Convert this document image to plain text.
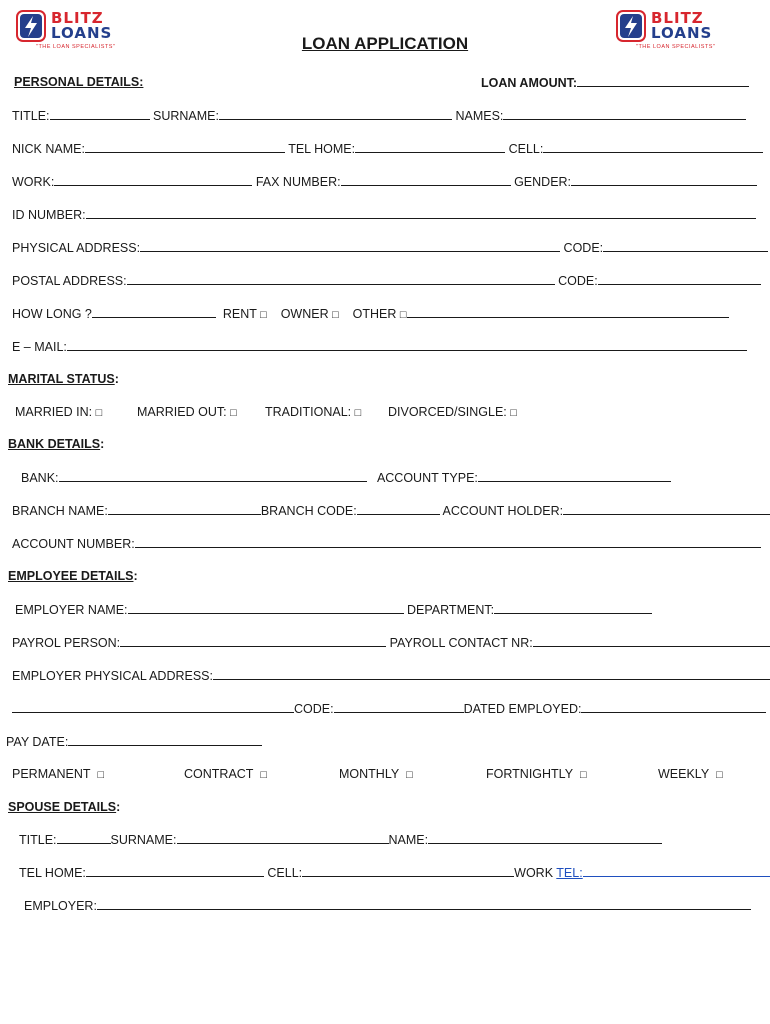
BLITZ
LOANS
"THE LOAN SPECIALISTS"
BLITZ
LOANS
"THE LOAN SPECIALISTS"
LOAN APPLICATION
PERSONAL DETAILS:	LOAN AMOUNT:
TITLE:	SURNAME:	NAMES:
NICK NAME:	TEL HOME:	CELL:
WORK:	FAX NUMBER:	GENDER:
ID NUMBER:
PHYSICAL ADDRESS:	CODE:
POSTAL ADDRESS:	CODE:
HOW LONG ?	RENT □ OWNER □ OTHER □
E – MAIL:
MARITAL STATUS:
MARRIED IN: □	MARRIED OUT: □ TRADITIONAL: □ DIVORCED/SINGLE: □
BANK DETAILS:
BANK:	ACCOUNT TYPE:
BRANCH NAME:	BRANCH CODE:	ACCOUNT HOLDER:
ACCOUNT NUMBER:
EMPLOYEE DETAILS:
EMPLOYER NAME:	DEPARTMENT:
PAYROL PERSON:	PAYROLL CONTACT NR:
EMPLOYER PHYSICAL ADDRESS:
CODE:	DATED EMPLOYED:
PAY DATE:
PERMANENT □	CONTRACT □	MONTHLY □	FORTNIGHTLY □	WEEKLY □
SPOUSE DETAILS:
TITLE:	SURNAME:	NAME:
TEL HOME:	CELL:	WORK TEL:
EMPLOYER:
